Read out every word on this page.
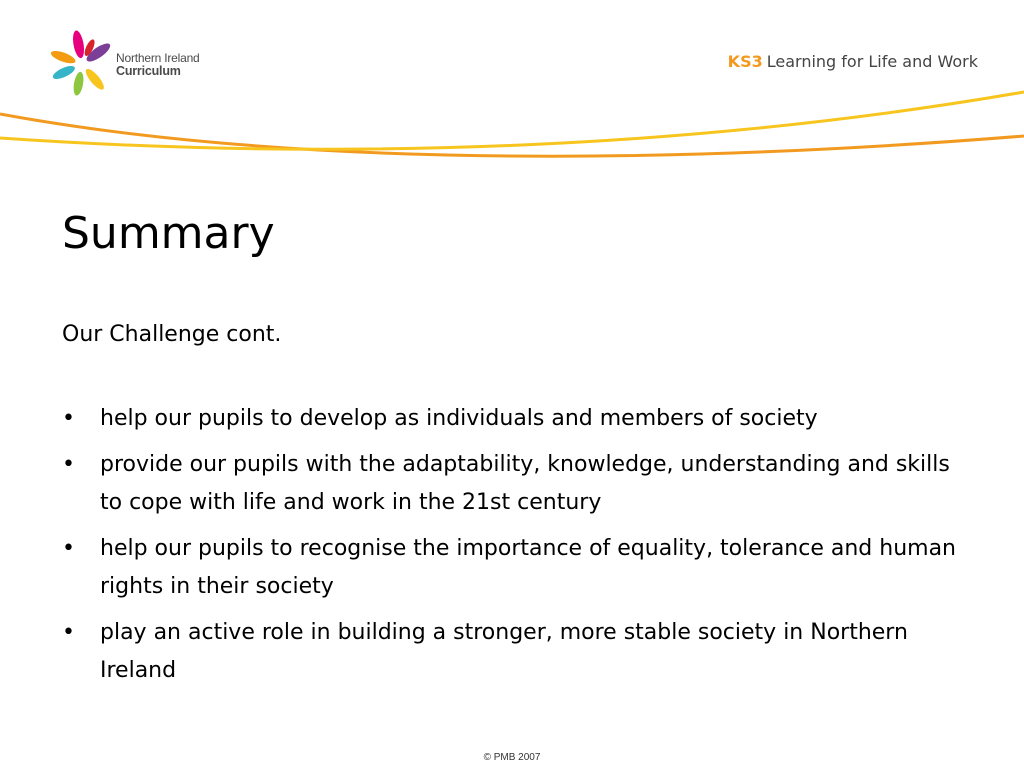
Northern Ireland
Curriculum	KS3 Learning for Life and Work
Summary
Our Challenge cont.
• help our pupils to develop as individuals and members of society
• provide our pupils with the adaptability, knowledge, understanding and skills to cope with life and work in the 21st century
• help our pupils to recognise the importance of equality, tolerance and human rights in their society
• play an active role in building a stronger, more stable society in Northern Ireland
© PMB 2007
